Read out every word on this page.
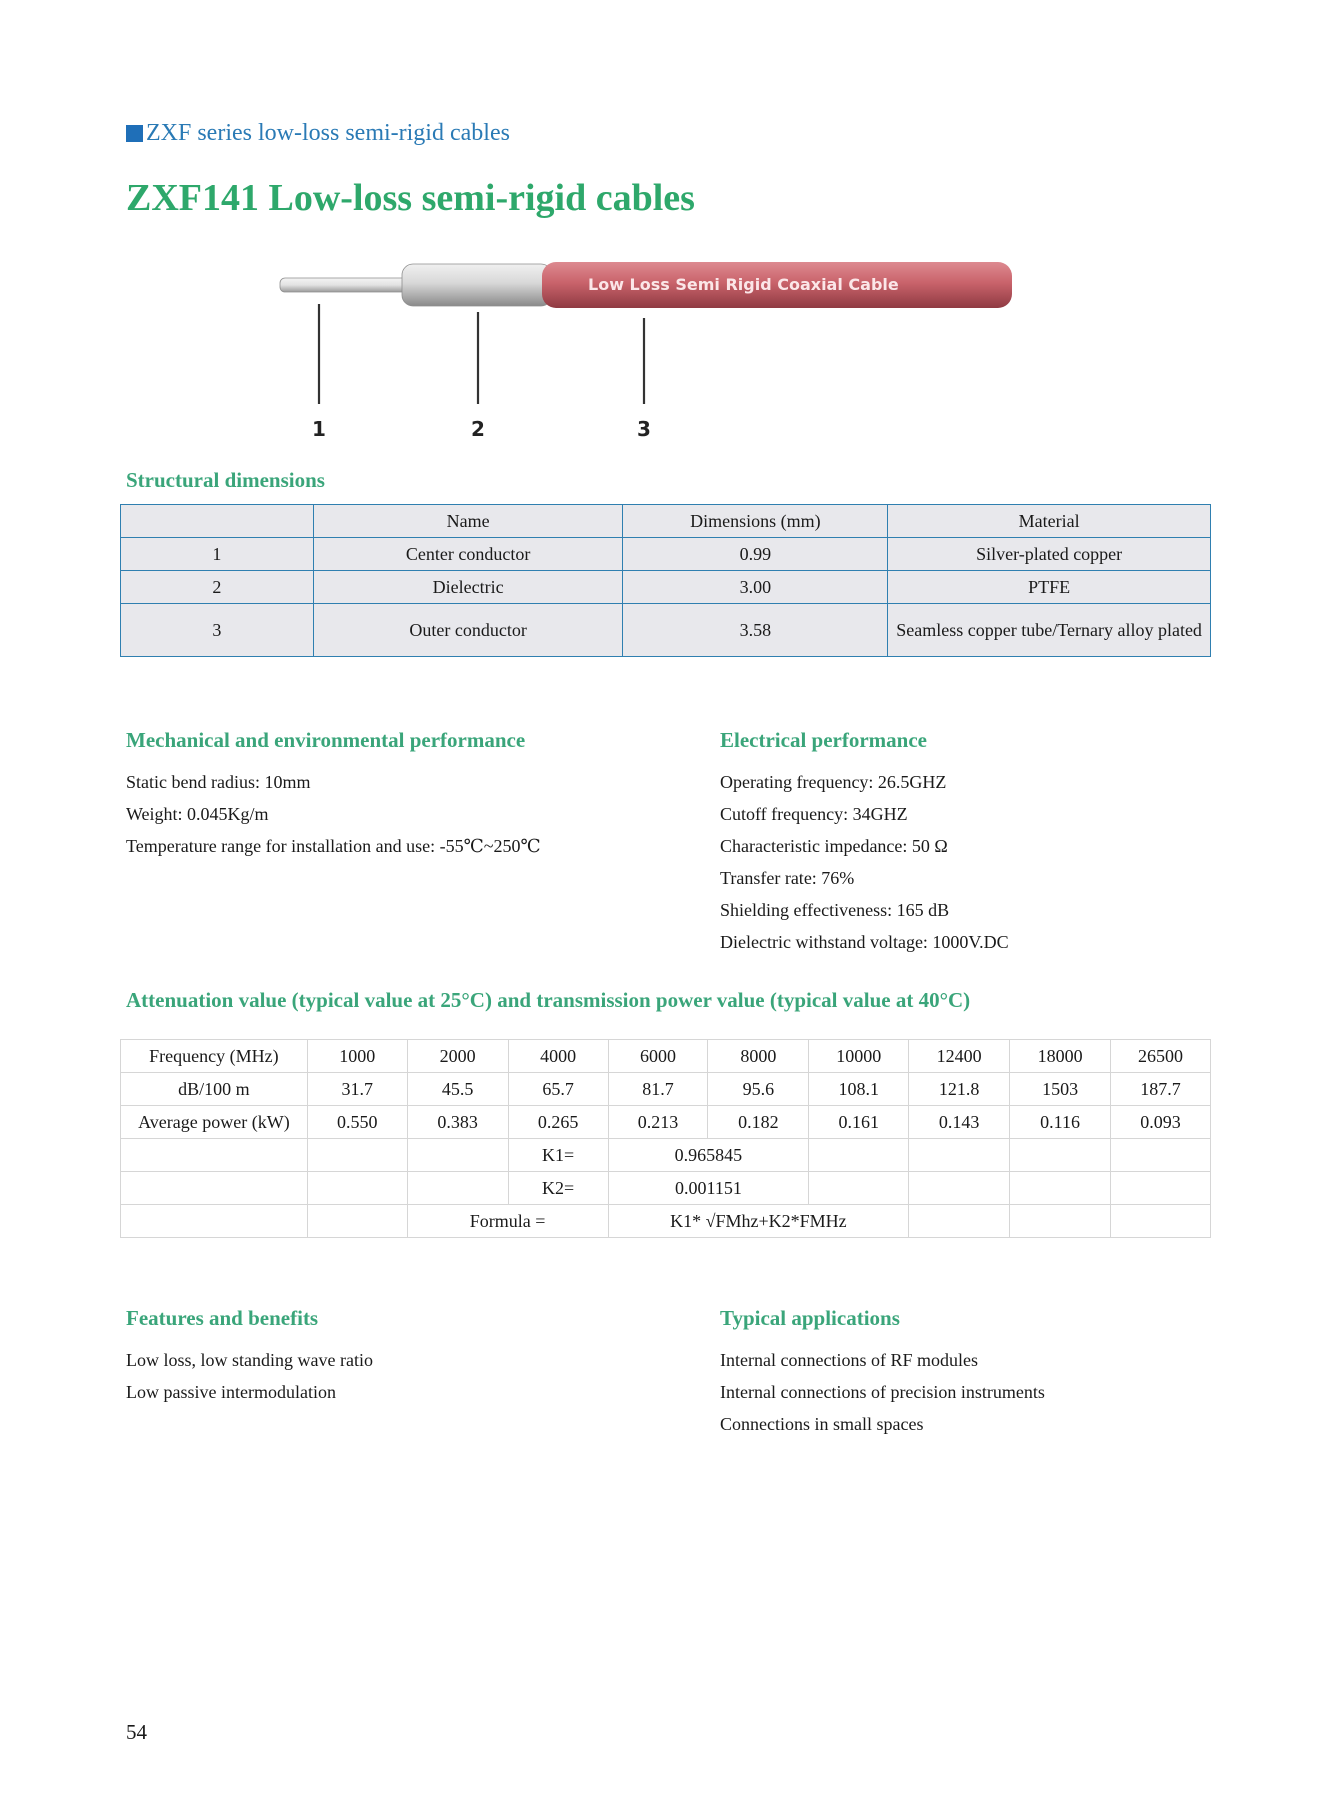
ZXF series low-loss semi-rigid cables
ZXF141 Low-loss semi-rigid cables
Low Loss Semi Rigid Coaxial Cable
1	2	3
Structural dimensions
	Name	Dimensions (mm)	Material
1	Center conductor	0.99	Silver-plated copper
2	Dielectric	3.00	PTFE
3	Outer conductor	3.58	Seamless copper tube/Ternary alloy plated
Mechanical and environmental performance
Static bend radius: 10mm
Weight: 0.045Kg/m
Temperature range for installation and use: -55℃~250℃
Electrical performance
Operating frequency: 26.5GHZ
Cutoff frequency: 34GHZ
Characteristic impedance: 50 Ω
Transfer rate: 76%
Shielding effectiveness: 165 dB
Dielectric withstand voltage: 1000V.DC
Attenuation value (typical value at 25°C) and transmission power value (typical value at 40°C)
Frequency (MHz)	1000	2000	4000	6000	8000	10000	12400	18000	26500
dB/100 m	31.7	45.5	65.7	81.7	95.6	108.1	121.8	1503	187.7
Average power (kW)	0.550	0.383	0.265	0.213	0.182	0.161	0.143	0.116	0.093
			K1=	0.965845					
			K2=	0.001151					
		Formula =		K1* √FMhz+K2*FMHz					
Features and benefits
Low loss, low standing wave ratio
Low passive intermodulation
Typical applications
Internal connections of RF modules
Internal connections of precision instruments
Connections in small spaces
54
